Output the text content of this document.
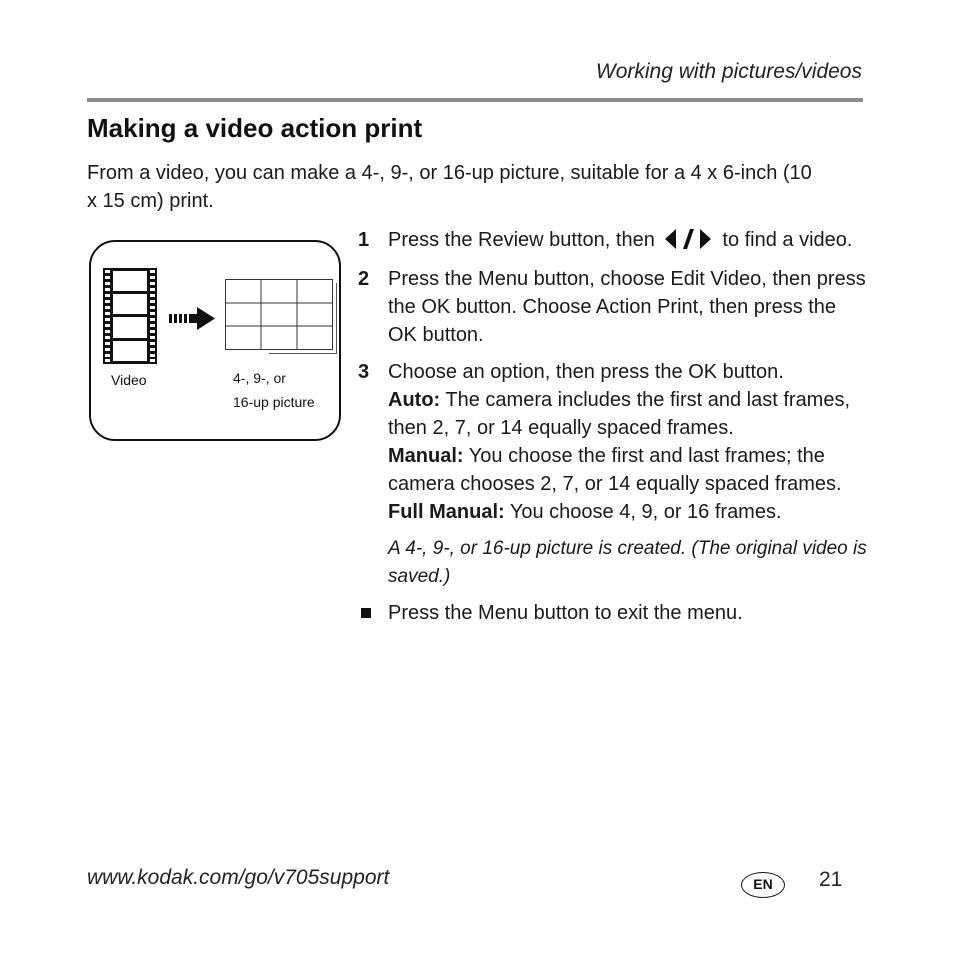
Working with pictures/videos
Making a video action print
From a video, you can make a 4-, 9-, or 16-up picture, suitable for a 4 x 6-inch (10 x 15 cm) print.
Video	4-, 9-, or
16-up picture
1 Press the Review button, then	to find a video.
2 Press the Menu button, choose Edit Video, then press the OK button. Choose Action Print, then press the OK button.

3 Choose an option, then press the OK button.

Auto: The camera includes the first and last frames, then 2, 7, or 14 equally spaced frames.

Manual: You choose the first and last frames; the camera chooses 2, 7, or 14 equally spaced frames.

Full Manual: You choose 4, 9, or 16 frames.

A 4-, 9-, or 16-up picture is created. (The original video is saved.)
Press the Menu button to exit the menu.
www.kodak.com/go/v705support	EN	21
